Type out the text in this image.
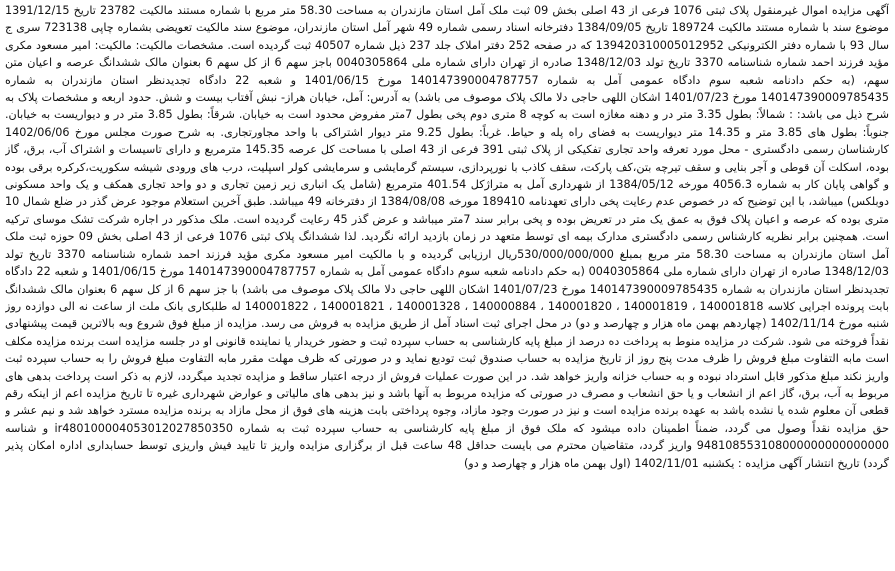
آگهی مزایده اموال غیرمنقول پلاک ثبتی 1076 فرعی از 43 اصلی بخش 09 ثبت ملک آمل استان مازندران به مساحت 58.30 متر مربع با شماره مستند مالکیت 23782 تاریخ 1391/12/15 موضوع سند با شماره مستند مالکیت 189724 تاریخ 1384/09/05 دفترخانه اسناد رسمی شماره 49 شهر آمل استان مازندران، موضوع سند مالکیت تعویضی بشماره چاپی 723138 سری ج سال 93 با شماره دفتر الکترونیکی 139420310005012952 که در صفحه 252 دفتر املاک جلد 237 ذیل شماره 40507 ثبت گردیده است. مشخصات مالکیت: مالکیت: امیر مسعود مکری مؤید فرزند احمد شماره شناسنامه 3370 تاریخ تولد 1348/12/03 صادره از تهران دارای شماره ملی 0040305864 باجز سهم 6 از کل سهم 6 بعنوان مالک ششدانگ عرصه و اعیان متن سهم، (به حکم دادنامه شعبه سوم دادگاه عمومی آمل به شماره 140147390004787757 مورخ 1401/06/15 و شعبه 22 دادگاه تجدیدنظر استان مازندران به شماره 140147390009785435 مورخ 1401/07/23 اشکان اللهی حاجی دلا مالک پلاک موصوف می باشد) به آدرس: آمل، خیابان هراز- نبش آفتاب بیست و شش. حدود اربعه و مشخصات پلاک به شرح ذیل می باشد: : شمالاً: بطول 3.35 متر در و دهنه مغازه است به کوچه 8 متری دوم پخی بطول 7متر مفروض محدود است به خیابان. شرقاً: بطول 3.85 متر در و دیواریست به خیابان. جنوباً: بطول های 3.85 متر و 14.35 متر دیواریست به فضای راه پله و حیاط. غرباً: بطول 9.25 متر دیوار اشتراکی با واحد مجاورتجاری. به شرح صورت مجلس مورخ 1402/06/06 کارشناسان رسمی دادگستری - محل مورد تعرفه واحد تجاری تفکیکی از پلاک ثبتی 391 فرعی از 43 اصلی با مساحت کل عرصه 145.35 مترمربع و دارای تاسیسات و اشتراک آب، برق، گاز بوده، اسکلت آن قوطی و آجر بنایی و سقف تیرچه بتن،کف پارکت، سقف کاذب با نورپردازی، سیستم گرمایشی و سرمایشی کولر اسپلیت، درب های ورودی شیشه سکوریت،کرکره برقی بوده و گواهی پایان کار به شماره 4056.3 مورخه 1384/05/12 از شهرداری آمل به متراژکل 401.54 مترمربع (شامل یک انباری زیر زمین تجاری و دو واحد تجاری همکف و یک واحد مسکونی دوبلکس) میباشد، با این توضیح که در خصوص عدم رعایت پخی دارای تعهدنامه 189410 مورخه 1384/08/08 از دفترخانه 49 میباشد. طبق آخرین استعلام موجود عرض گذر در ضلع شمال 10 متری بوده که عرصه و اعیان پلاک فوق به عمق یک متر در تعریض بوده و پخی برابر سند 7متر میباشد و عرض گذر 45 رعایت گردیده است. ملک مذکور در اجاره شرکت تشک موسای ترکیه است. همچنین برابر نظریه کارشناس رسمی دادگستری مدارک بیمه ای توسط متعهد در زمان بازدید ارائه نگردید. لذا ششدانگ پلاک ثبتی 1076 فرعی از 43 اصلی بخش 09 حوزه ثبت ملک آمل استان مازندران به مساحت 58.30 متر مربع بمبلغ 530/000/000/000ریال ارزیابی گردیده و با مالکیت امیر مسعود مکری مؤید فرزند احمد شماره شناسنامه 3370 تاریخ تولد 1348/12/03 صادره از تهران دارای شماره ملی 0040305864 (به حکم دادنامه شعبه سوم دادگاه عمومی آمل به شماره 140147390004787757 مورخ 1401/06/15 و شعبه 22 دادگاه تجدیدنظر استان مازندران به شماره 140147390009785435 مورخ 1401/07/23 اشکان اللهی حاجی دلا مالک پلاک موصوف می باشد) با جز سهم 6 از کل سهم 6 بعنوان مالک ششدانگ بابت پرونده اجرایی کلاسه 140001818 ، 140001819 ، 140001820 ، 140000884 ، 140001328 ، 140001821 ، 140001822 له طلبکاری بانک ملت از ساعت نه الی دوازده روز شنبه مورخ 1402/11/14 (چهاردهم بهمن ماه هزار و چهارصد و دو) در محل اجرای ثبت اسناد آمل از طریق مزایده به فروش می رسد. مزایده از مبلغ فوق شروع وبه بالاترین قیمت پیشنهادی نقداً فروخته می شود. شرکت در مزایده منوط به پرداخت ده درصد از مبلغ پایه کارشناسی به حساب سپرده ثبت و حضور خریدار یا نماینده قانونی او در جلسه مزایده است برنده مزایده مکلف است مابه التفاوت مبلغ فروش را ظرف مدت پنج روز از تاریخ مزایده به حساب صندوق ثبت تودیع نماید و در صورتی که ظرف مهلت مقرر مابه التفاوت مبلغ فروش را به حساب سپرده ثبت واریز نکند مبلغ مذکور قابل استرداد نبوده و به حساب خزانه واریز خواهد شد. در این صورت عملیات فروش از درجه اعتبار ساقط و مزایده تجدید میگردد، لازم به ذکر است پرداخت بدهی های مربوط به آب، برق، گاز اعم از انشعاب و یا حق انشعاب و مصرف در صورتی که مزایده مربوط به آنها باشد و نیز بدهی های مالیاتی و عوارض شهرداری غیره تا تاریخ مزایده اعم از اینکه رقم قطعی آن معلوم شده یا نشده باشد به عهده برنده مزایده است و نیز در صورت وجود مازاد، وجوه پرداختی بابت هزینه های فوق از محل مازاد به برنده مزایده مسترد خواهد شد و نیم عشر و حق مزایده نقداً وصول می گردد، ضمناً اطمینان داده میشود که ملک فوق از مبلغ پایه کارشناسی به حساب سپرده ثبت به شماره ir480100004053012027850350 و شناسه 948108553108000000000000000 واریز گردد، متقاضیان محترم می بایست حداقل 48 ساعت قبل از برگزاری مزایده واریز تا تایید فیش واریزی توسط حسابداری اداره امکان پذیر گردد) تاریخ انتشار آگهی مزایده : یکشنبه 1402/11/01 (اول بهمن ماه هزار و چهارصد و دو)
